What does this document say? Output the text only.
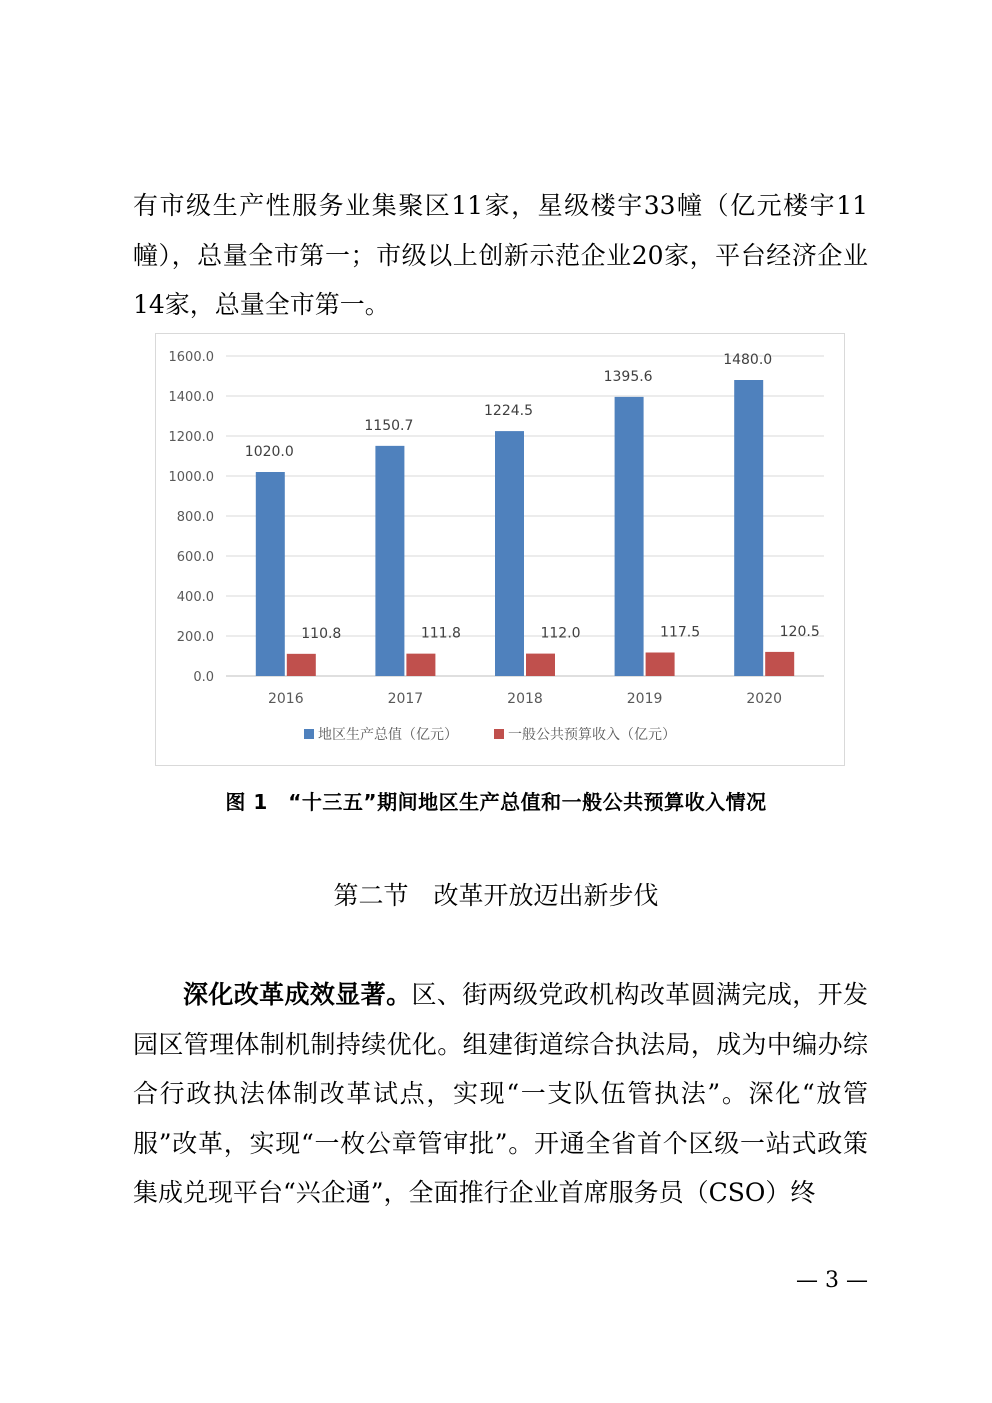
有市级生产性服务业集聚区11家，星级楼宇33幢（亿元楼宇11幢），总量全市第一；市级以上创新示范企业20家，平台经济企业14家，总量全市第一。

0.0
200.0
400.0
600.0
800.0
1000.0
1200.0
1400.0
1600.0
1020.0
110.8
1150.7
111.8
1224.5
112.0
1395.6
117.5
1480.0
120.5
2016	2017	2018	2019	2020
地区生产总值（亿元）	一般公共预算收入（亿元）
图 1　“十三五”期间地区生产总值和一般公共预算收入情况
第二节　改革开放迈出新步伐

深化改革成效显著。区、街两级党政机构改革圆满完成，开发园区管理体制机制持续优化。组建街道综合执法局，成为中编办综合行政执法体制改革试点，实现“一支队伍管执法”。深化“放管服”改革，实现“一枚公章管审批”。开通全省首个区级一站式政策集成兑现平台“兴企通”，全面推行企业首席服务员（CSO）终

— 3 —
